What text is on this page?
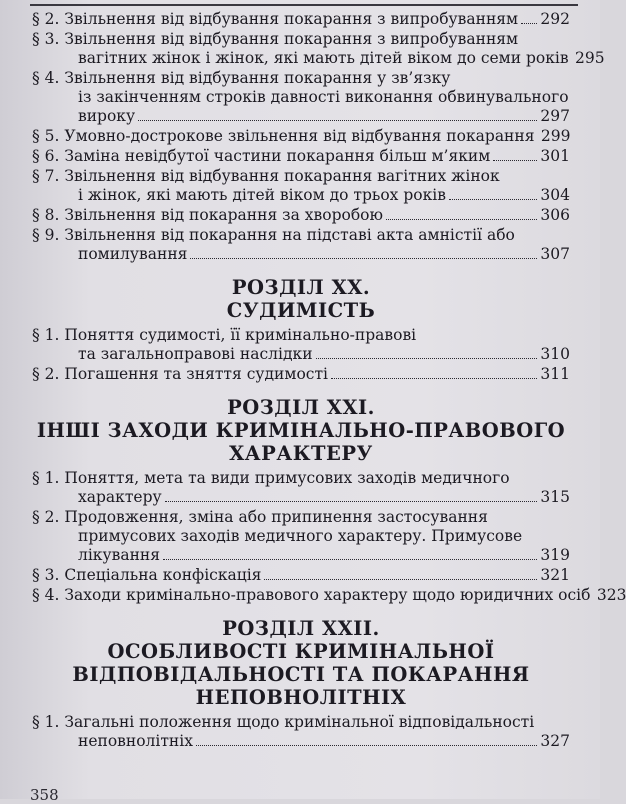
§ 2. Звільнення від відбування покарання з випробуванням 292
§ 3. Звільнення від відбування покарання з випробуванням
вагітних жінок і жінок, які мають дітей віком до семи років 295
§ 4. Звільнення від відбування покарання у зв’язку
із закінченням строків давності виконання обвинувального
вироку	297
§ 5. Умовно-дострокове звільнення від відбування покарання 299
§ 6. Заміна невідбутої частини покарання більш м’яким	301
§ 7. Звільнення від відбування покарання вагітних жінок
і жінок, які мають дітей віком до трьох років	304
§ 8. Звільнення від покарання за хворобою	306
§ 9. Звільнення від покарання на підставі акта амністії або
помилування	307
РОЗДІЛ XX.
СУДИМІСТЬ
§ 1. Поняття судимості, її кримінально-правові
та загальноправові наслідки	310
§ 2. Погашення та зняття судимості	311
РОЗДІЛ XXI.
ІНШІ ЗАХОДИ КРИМІНАЛЬНО-ПРАВОВОГО
ХАРАКТЕРУ
§ 1. Поняття, мета та види примусових заходів медичного
характеру	315
§ 2. Продовження, зміна або припинення застосування
примусових заходів медичного характеру. Примусове
лікування	319
§ 3. Спеціальна конфіскація	321
§ 4. Заходи кримінально-правового характеру щодо юридичних осіб 323
РОЗДІЛ XXII.
ОСОБЛИВОСТІ КРИМІНАЛЬНОЇ
ВІДПОВІДАЛЬНОСТІ ТА ПОКАРАННЯ
НЕПОВНОЛІТНІХ
§ 1. Загальні положення щодо кримінальної відповідальності
неповнолітніх	327
358
